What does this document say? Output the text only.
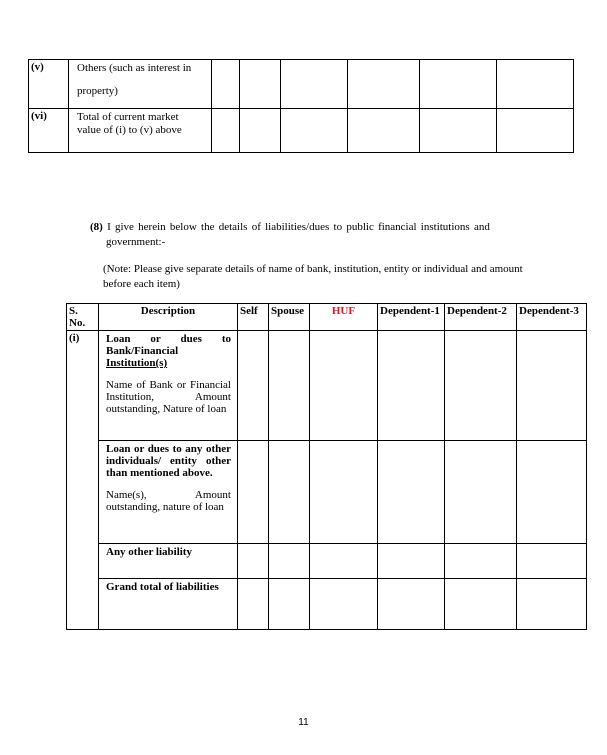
(v)	Others (such as interest in
property)						

(vi)	Total of current market value of (i) to (v) above						
(8) I give herein below the details of liabilities/dues to public financial institutions and
government:-
(Note: Please give separate details of name of bank, institution, entity or individual and amount before each item)
S. No.	Description	Self	Spouse	HUF	Dependent-1	Dependent-2	Dependent-3
(i)	Loan or dues to Bank/Financial Institution(s)
Name of Bank or Financial Institution, Amount outstanding, Nature of loan						

	Loan or dues to any other individuals/ entity other than mentioned above.
Name(s), Amount outstanding, nature of loan						

	Any other liability						
	Grand total of liabilities						
11
